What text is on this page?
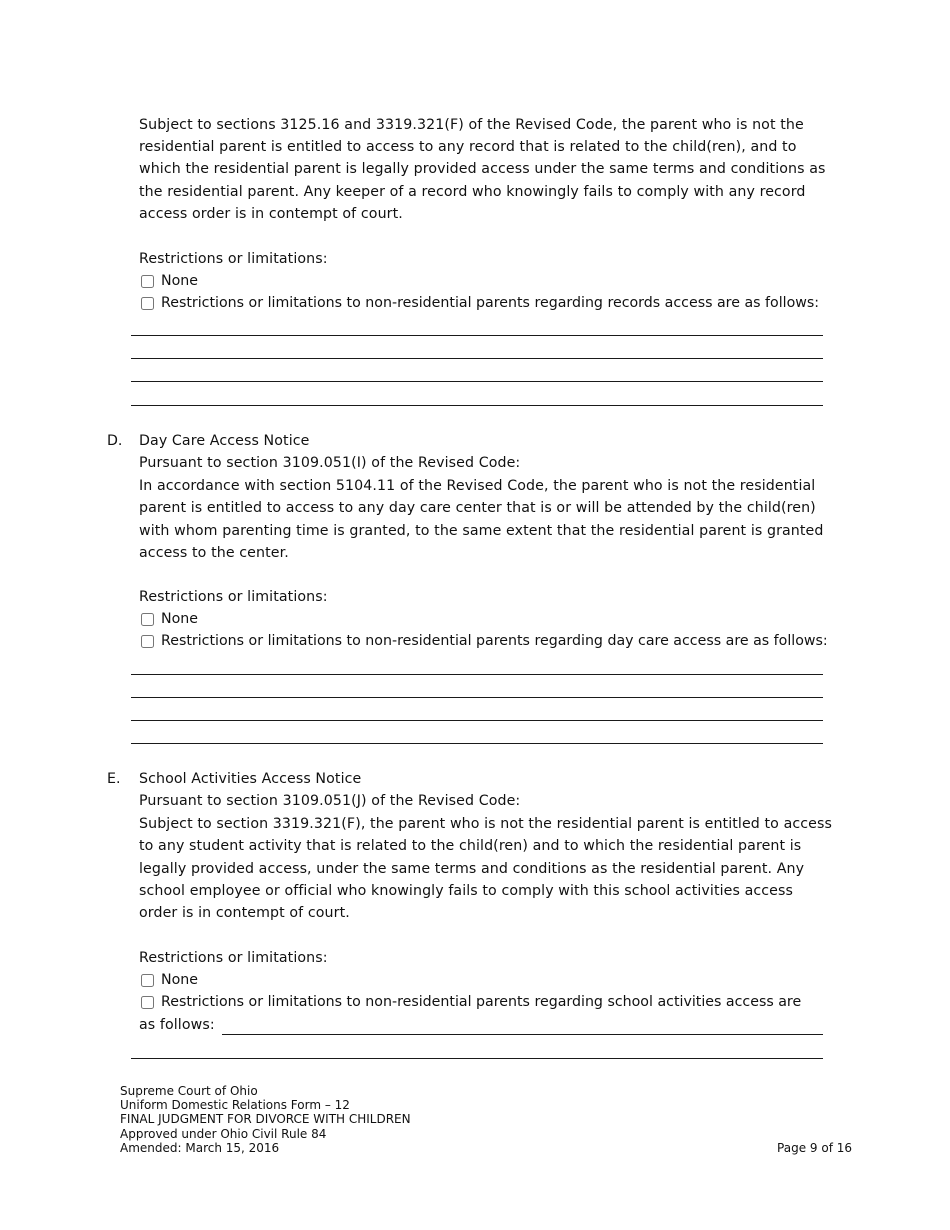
Subject to sections 3125.16 and 3319.321(F) of the Revised Code, the parent who is not the
residential parent is entitled to access to any record that is related to the child(ren), and to
which the residential parent is legally provided access under the same terms and conditions as
the residential parent. Any keeper of a record who knowingly fails to comply with any record
access order is in contempt of court.
Restrictions or limitations:
None
Restrictions or limitations to non-residential parents regarding records access are as follows:
D. Day Care Access Notice
Pursuant to section 3109.051(I) of the Revised Code:
In accordance with section 5104.11 of the Revised Code, the parent who is not the residential
parent is entitled to access to any day care center that is or will be attended by the child(ren)
with whom parenting time is granted, to the same extent that the residential parent is granted
access to the center.
Restrictions or limitations:
None
Restrictions or limitations to non-residential parents regarding day care access are as follows:
E. School Activities Access Notice
Pursuant to section 3109.051(J) of the Revised Code:
Subject to section 3319.321(F), the parent who is not the residential parent is entitled to access
to any student activity that is related to the child(ren) and to which the residential parent is
legally provided access, under the same terms and conditions as the residential parent. Any
school employee or official who knowingly fails to comply with this school activities access
order is in contempt of court.
Restrictions or limitations:
None
Restrictions or limitations to non-residential parents regarding school activities access are
as follows:
Supreme Court of Ohio
Uniform Domestic Relations Form – 12
FINAL JUDGMENT FOR DIVORCE WITH CHILDREN
Approved under Ohio Civil Rule 84
Amended: March 15, 2016	Page 9 of 16
